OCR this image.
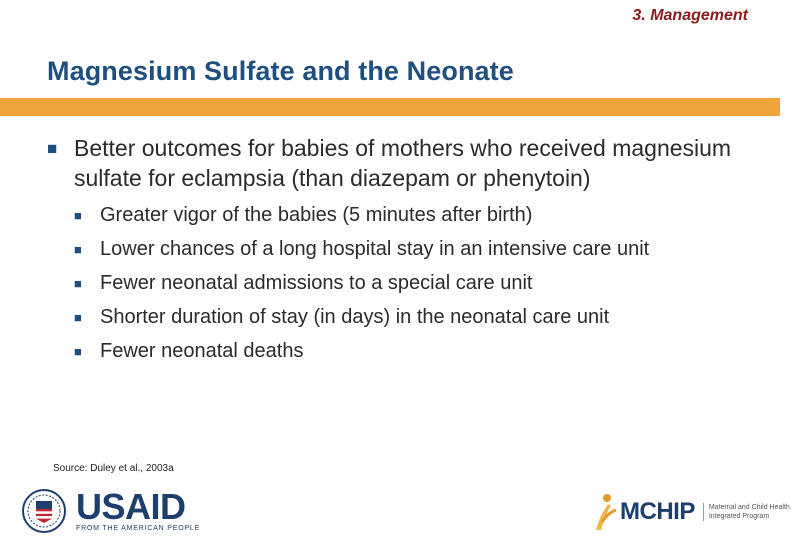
3. Management
Magnesium Sulfate and the Neonate
■ Better outcomes for babies of mothers who received magnesium sulfate for eclampsia (than diazepam or phenytoin)
■ Greater vigor of the babies (5 minutes after birth)
■ Lower chances of a long hospital stay in an intensive care unit
■ Fewer neonatal admissions to a special care unit
■ Shorter duration of stay (in days) in the neonatal care unit
■ Fewer neonatal deaths
Source: Duley et al., 2003a
USAID
FROM THE AMERICAN PEOPLE
MCHIP	Maternal and Child Health Integrated Program
